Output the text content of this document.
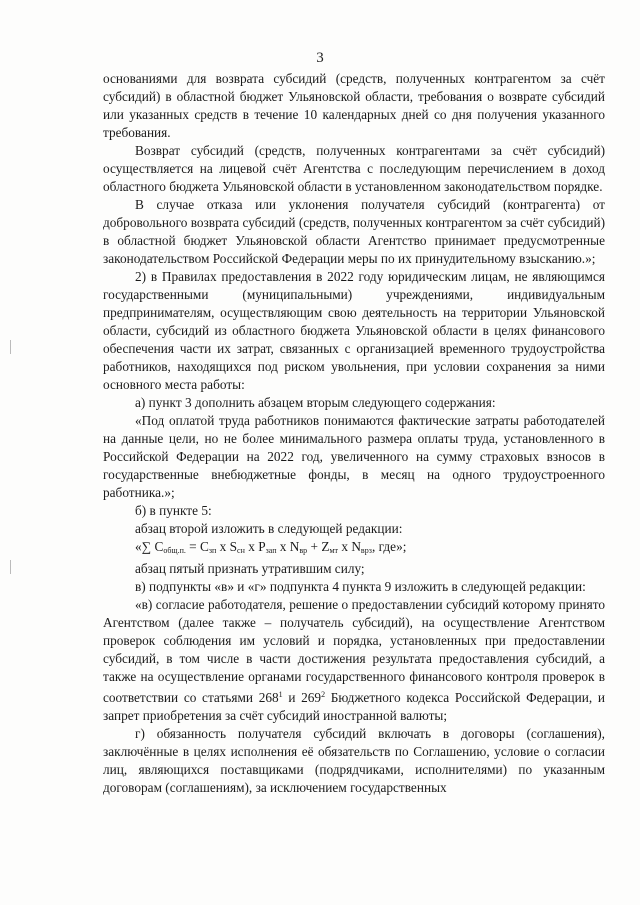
3

основаниями для возврата субсидий (средств, полученных контрагентом за счёт субсидий) в областной бюджет Ульяновской области, требования о возврате субсидий или указанных средств в течение 10 календарных дней со дня получения указанного требования.

Возврат субсидий (средств, полученных контрагентами за счёт субсидий) осуществляется на лицевой счёт Агентства с последующим перечислением в доход областного бюджета Ульяновской области в установленном законодательством порядке.

В случае отказа или уклонения получателя субсидий (контрагента) от добровольного возврата субсидий (средств, полученных контрагентом за счёт субсидий) в областной бюджет Ульяновской области Агентство принимает предусмотренные законодательством Российской Федерации меры по их принудительному взысканию.»;

2) в Правилах предоставления в 2022 году юридическим лицам, не являющимся государственными (муниципальными) учреждениями, индивидуальным предпринимателям, осуществляющим свою деятельность на территории Ульяновской области, субсидий из областного бюджета Ульяновской области в целях финансового обеспечения части их затрат, связанных с организацией временного трудоустройства работников, находящихся под риском увольнения, при условии сохранения за ними основного места работы:

а) пункт 3 дополнить абзацем вторым следующего содержания:

«Под оплатой труда работников понимаются фактические затраты работодателей на данные цели, но не более минимального размера оплаты труда, установленного в Российской Федерации на 2022 год, увеличенного на сумму страховых взносов в государственные внебюджетные фонды, в месяц на одного трудоустроенного работника.»;

б) в пункте 5:

абзац второй изложить в следующей редакции:

«∑ $C_{общ.п.} = C_{зп}$ x $S_{сн}$ x $P_{зап}$ x $N_{вр} + Z_{мт}$ x $N_{врз}$, где»;

абзац пятый признать утратившим силу;

в) подпункты «в» и «г» подпункта 4 пункта 9 изложить в следующей редакции:

«в) согласие работодателя, решение о предоставлении субсидий которому принято Агентством (далее также – получатель субсидий), на осуществление Агентством проверок соблюдения им условий и порядка, установленных при предоставлении субсидий, в том числе в части достижения результата предоставления субсидий, а также на осуществление органами государственного финансового контроля проверок в соответствии со статьями $268^1$ и $269^2$ Бюджетного кодекса Российской Федерации, и запрет приобретения за счёт субсидий иностранной валюты;

г) обязанность получателя субсидий включать в договоры (соглашения), заключённые в целях исполнения её обязательств по Соглашению, условие о согласии лиц, являющихся поставщиками (подрядчиками, исполнителями) по указанным договорам (соглашениям), за исключением государственных
